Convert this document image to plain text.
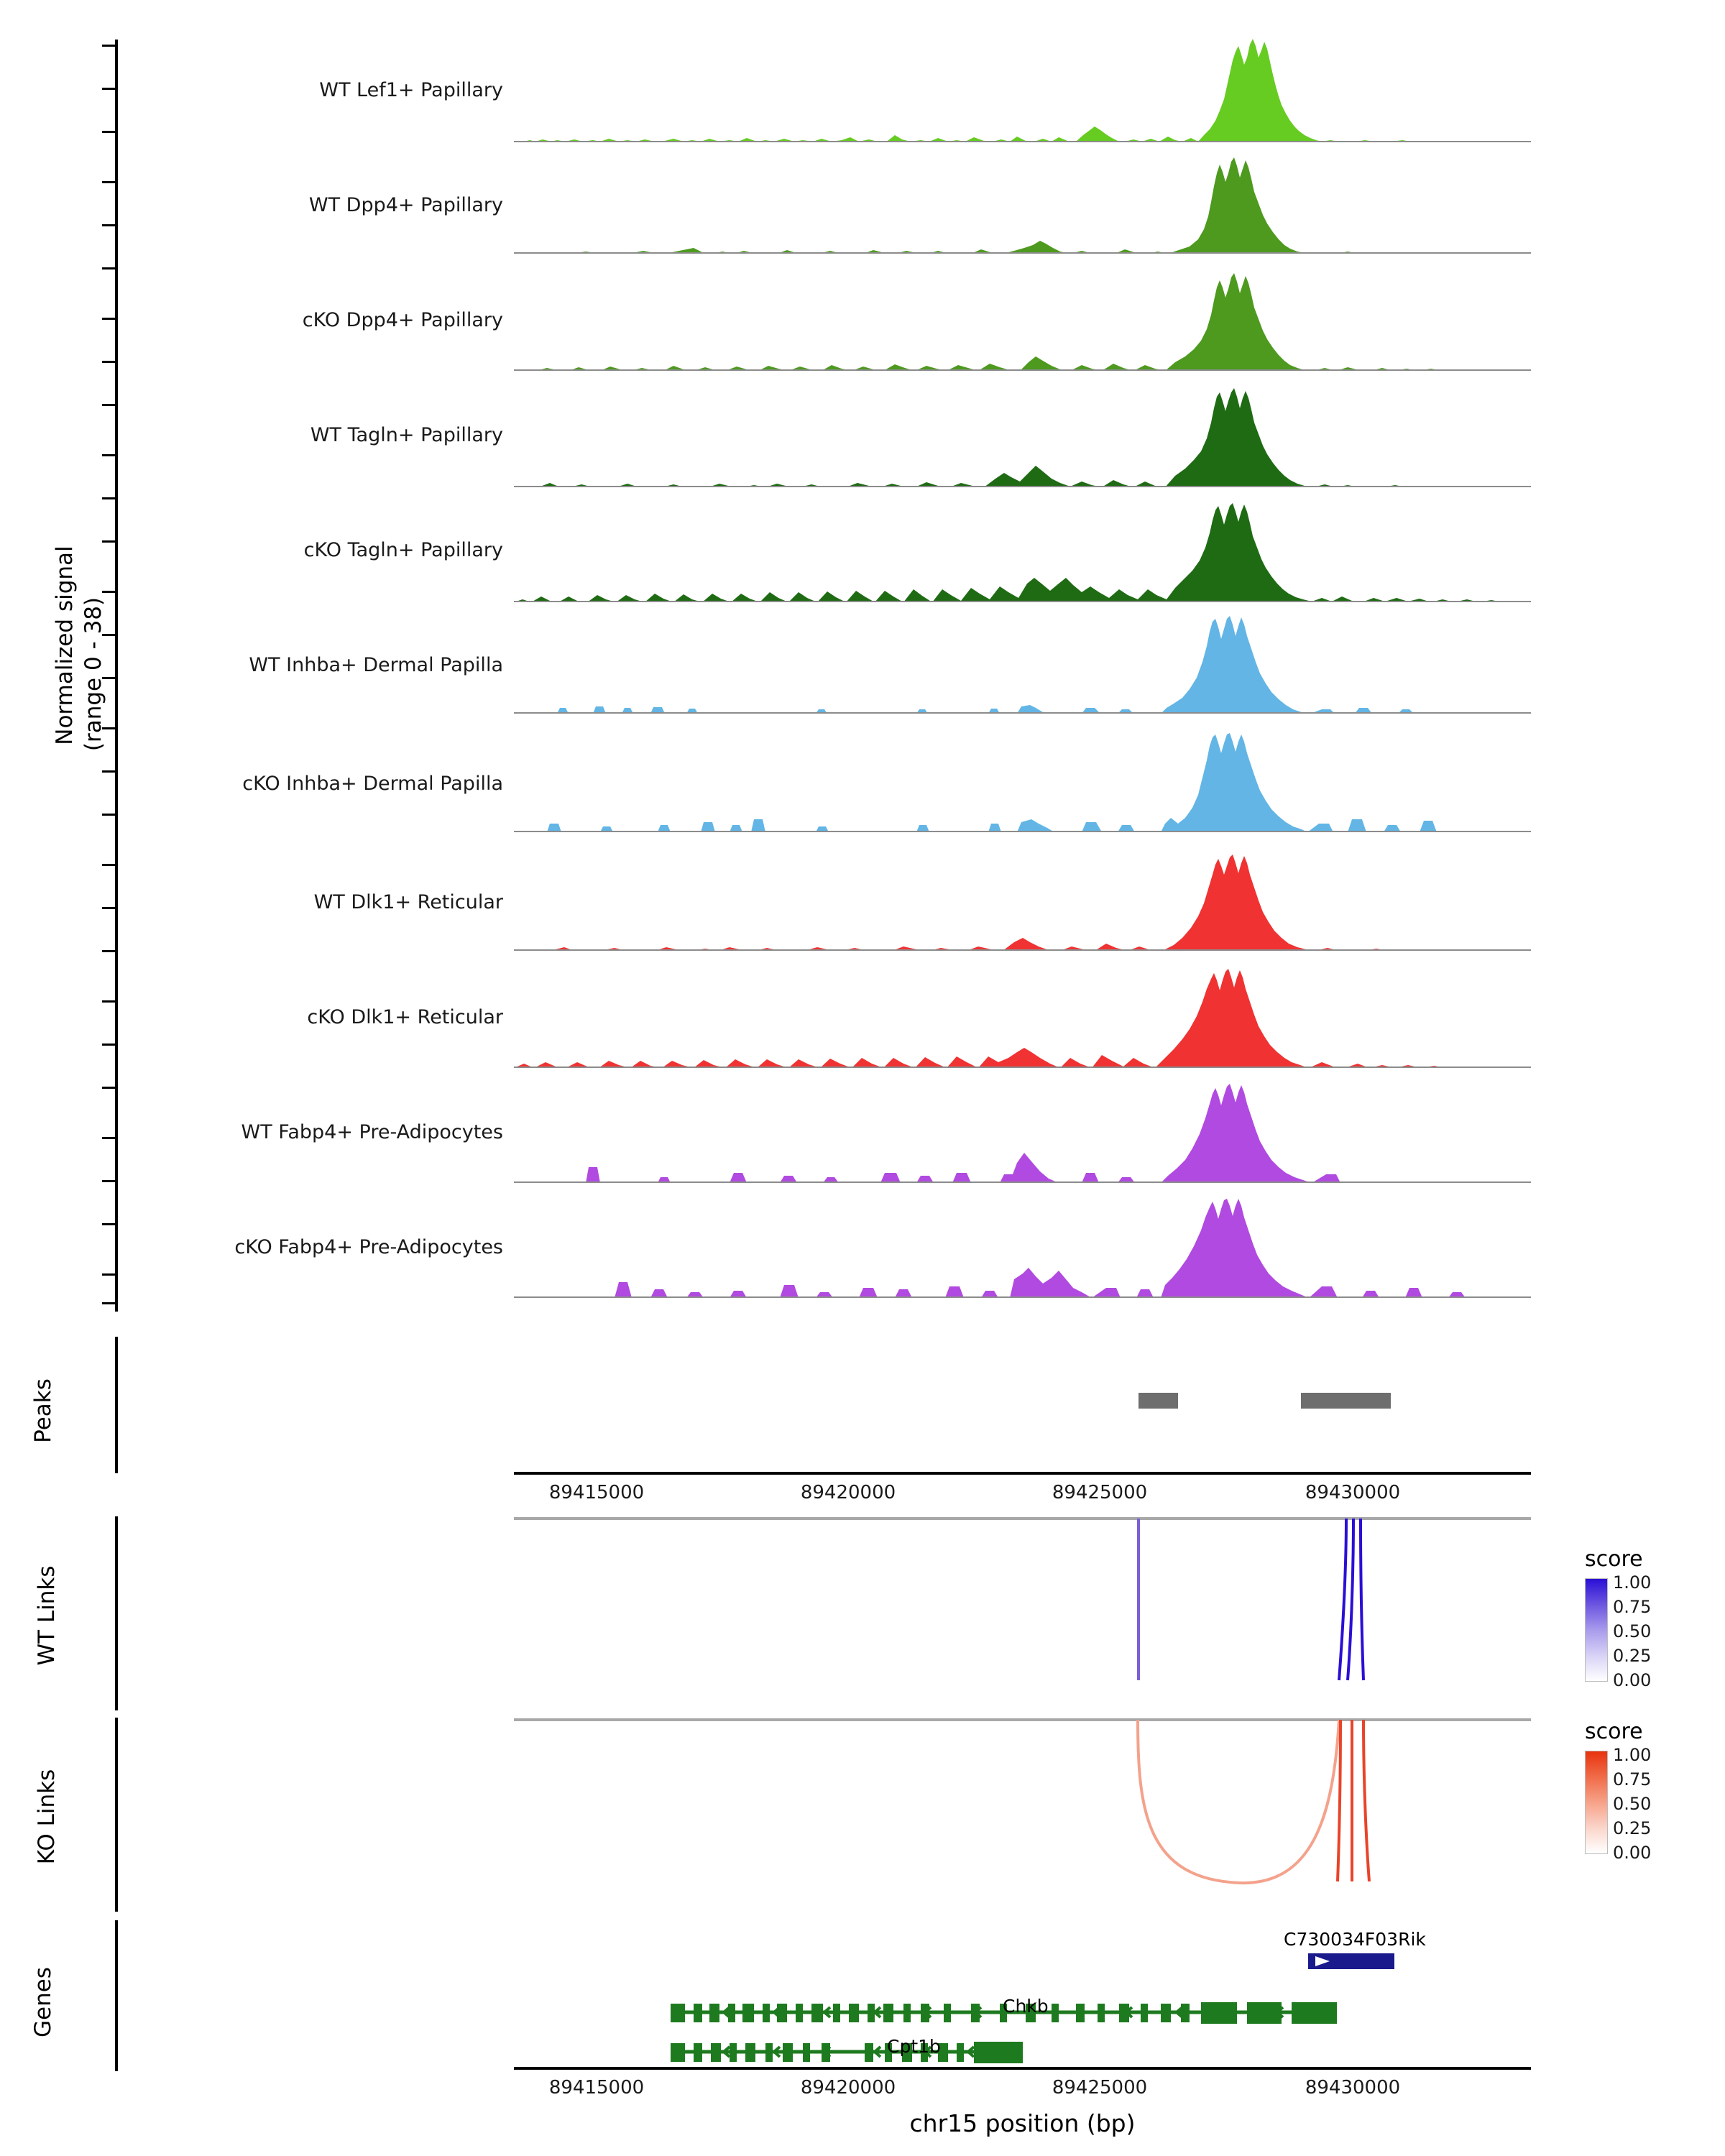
Normalized signal (range 0 - 38)
WT Lef1+ Papillary
WT Dpp4+ Papillary
cKO Dpp4+ Papillary
WT Tagln+ Papillary
cKO Tagln+ Papillary
WT Inhba+ Dermal Papilla
cKO Inhba+ Dermal Papilla
WT Dlk1+ Reticular
cKO Dlk1+ Reticular
WT Fabp4+ Pre-Adipocytes
cKO Fabp4+ Pre-Adipocytes
Peaks
89415000	89420000	89425000	89430000
WT Links
score
1.00
0.75
0.50
0.25
0.00
KO Links
score
1.00
0.75
0.50
0.25
0.00
Genes
C730034F03Rik
Chkb
Cpt1b
89415000	89420000	89425000	89430000
chr15 position (bp)
